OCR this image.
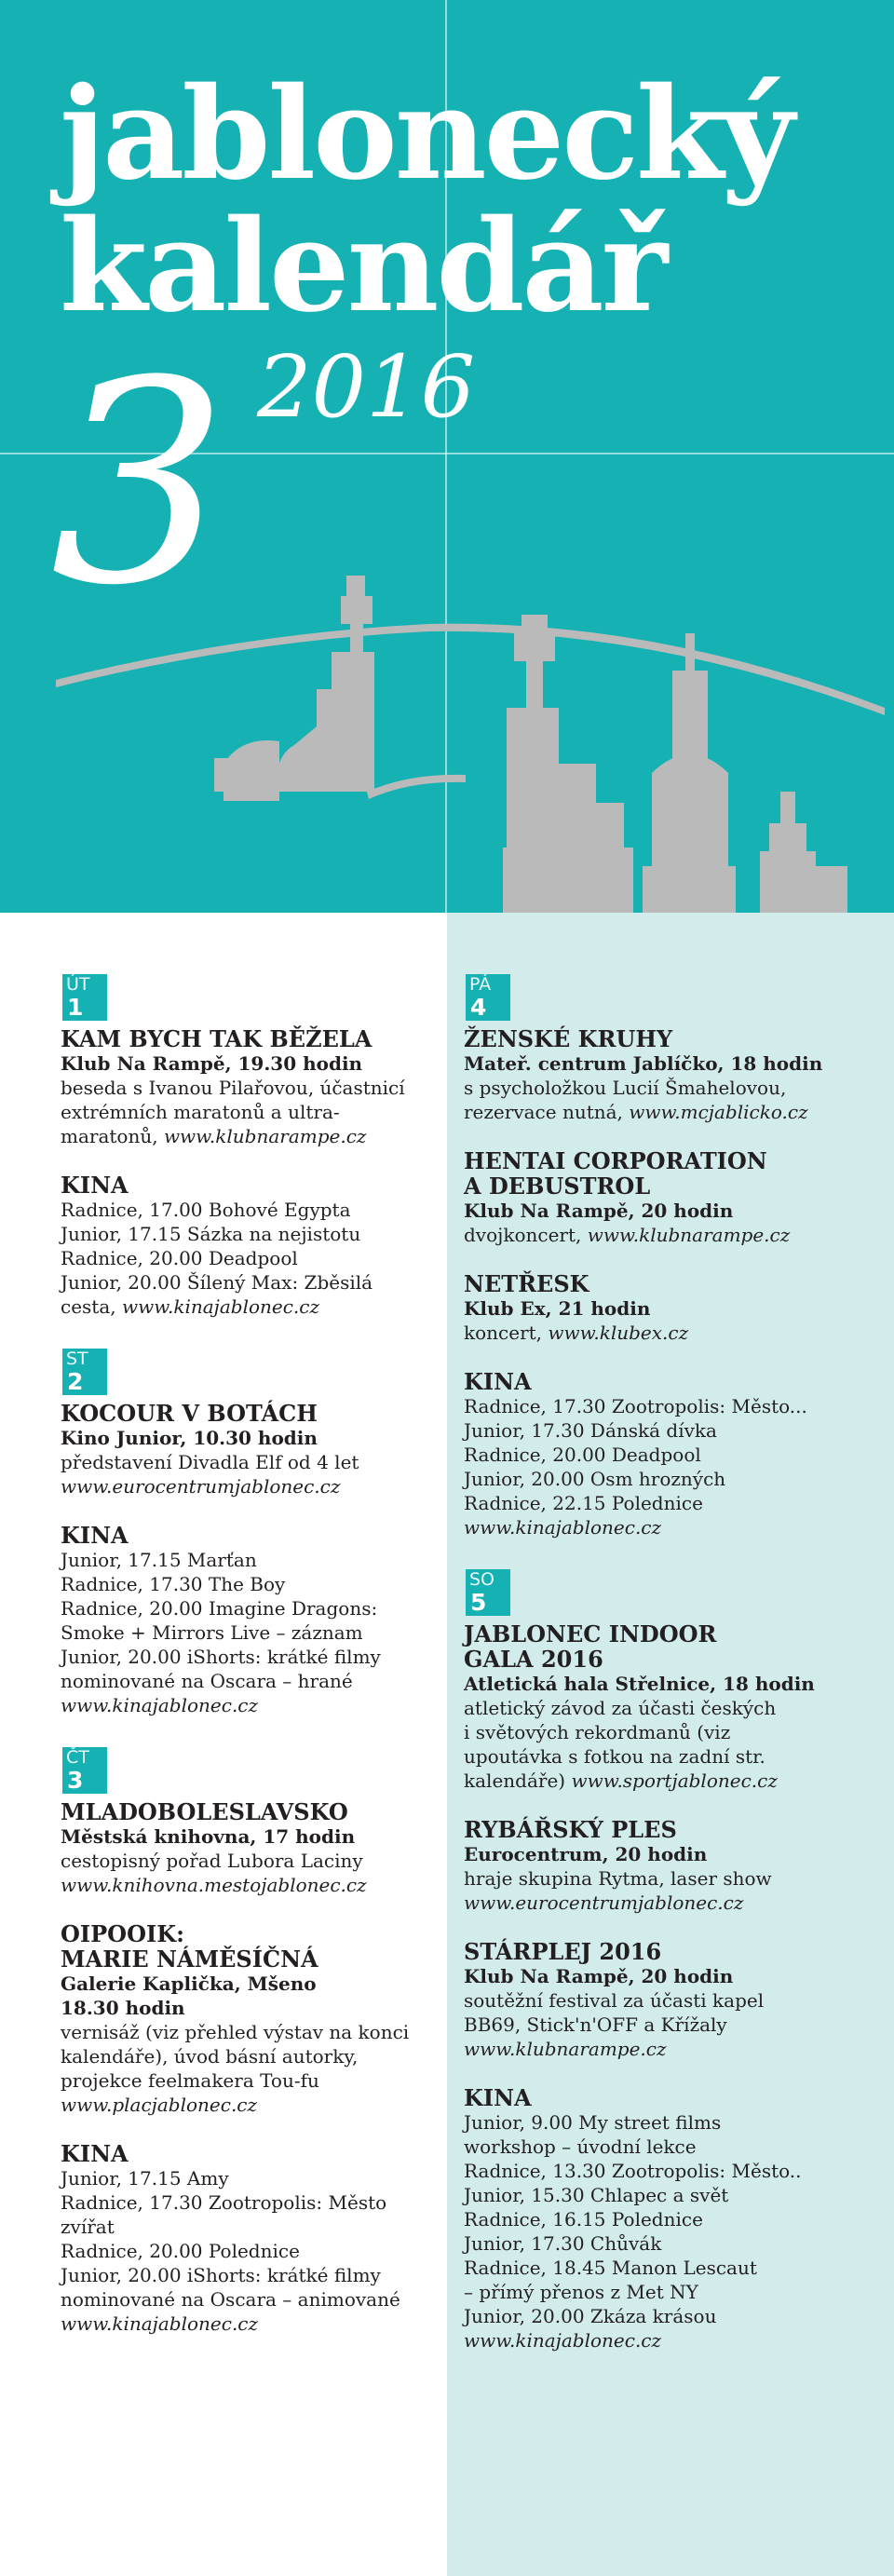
jablonecký
kalendář
3 2016
ÚT
1
KAM BYCH TAK BĚŽELA
Klub Na Rampě, 19.30 hodin
beseda s Ivanou Pilařovou, účastnicí
extrémních maratonů a ultra-
maratonů, www.klubnarampe.cz
KINA
Radnice, 17.00 Bohové Egypta
Junior, 17.15 Sázka na nejistotu
Radnice, 20.00 Deadpool
Junior, 20.00 Šílený Max: Zběsilá
cesta, www.kinajablonec.cz
ST
2
KOCOUR V BOTÁCH
Kino Junior, 10.30 hodin
představení Divadla Elf od 4 let
www.eurocentrumjablonec.cz
KINA
Junior, 17.15 Marťan
Radnice, 17.30 The Boy
Radnice, 20.00 Imagine Dragons:
Smoke + Mirrors Live – záznam
Junior, 20.00 iShorts: krátké filmy
nominované na Oscara – hrané
www.kinajablonec.cz
ČT
3
MLADOBOLESLAVSKO
Městská knihovna, 17 hodin
cestopisný pořad Lubora Laciny
www.knihovna.mestojablonec.cz
OIPOOIK:
MARIE NÁMĚSÍČNÁ
Galerie Kaplička, Mšeno
18.30 hodin
vernisáž (viz přehled výstav na konci
kalendáře), úvod básní autorky,
projekce feelmakera Tou-fu
www.placjablonec.cz
KINA
Junior, 17.15 Amy
Radnice, 17.30 Zootropolis: Město
zvířat
Radnice, 20.00 Polednice
Junior, 20.00 iShorts: krátké filmy
nominované na Oscara – animované
www.kinajablonec.cz
PÁ
4
ŽENSKÉ KRUHY
Mateř. centrum Jablíčko, 18 hodin
s psycholožkou Lucií Šmahelovou,
rezervace nutná, www.mcjablicko.cz
HENTAI CORPORATION
A DEBUSTROL
Klub Na Rampě, 20 hodin
dvojkoncert, www.klubnarampe.cz
NETŘESK
Klub Ex, 21 hodin
koncert, www.klubex.cz
KINA
Radnice, 17.30 Zootropolis: Město...
Junior, 17.30 Dánská dívka
Radnice, 20.00 Deadpool
Junior, 20.00 Osm hrozných
Radnice, 22.15 Polednice
www.kinajablonec.cz
SO
5
JABLONEC INDOOR
GALA 2016
Atletická hala Střelnice, 18 hodin
atletický závod za účasti českých
i světových rekordmanů (viz
upoutávka s fotkou na zadní str.
kalendáře) www.sportjablonec.cz
RYBÁŘSKÝ PLES
Eurocentrum, 20 hodin
hraje skupina Rytma, laser show
www.eurocentrumjablonec.cz
STÁRPLEJ 2016
Klub Na Rampě, 20 hodin
soutěžní festival za účasti kapel
BB69, Stick'n'OFF a Křížaly
www.klubnarampe.cz
KINA
Junior, 9.00 My street films
workshop – úvodní lekce
Radnice, 13.30 Zootropolis: Město..
Junior, 15.30 Chlapec a svět
Radnice, 16.15 Polednice
Junior, 17.30 Chůvák
Radnice, 18.45 Manon Lescaut
– přímý přenos z Met NY
Junior, 20.00 Zkáza krásou
www.kinajablonec.cz
